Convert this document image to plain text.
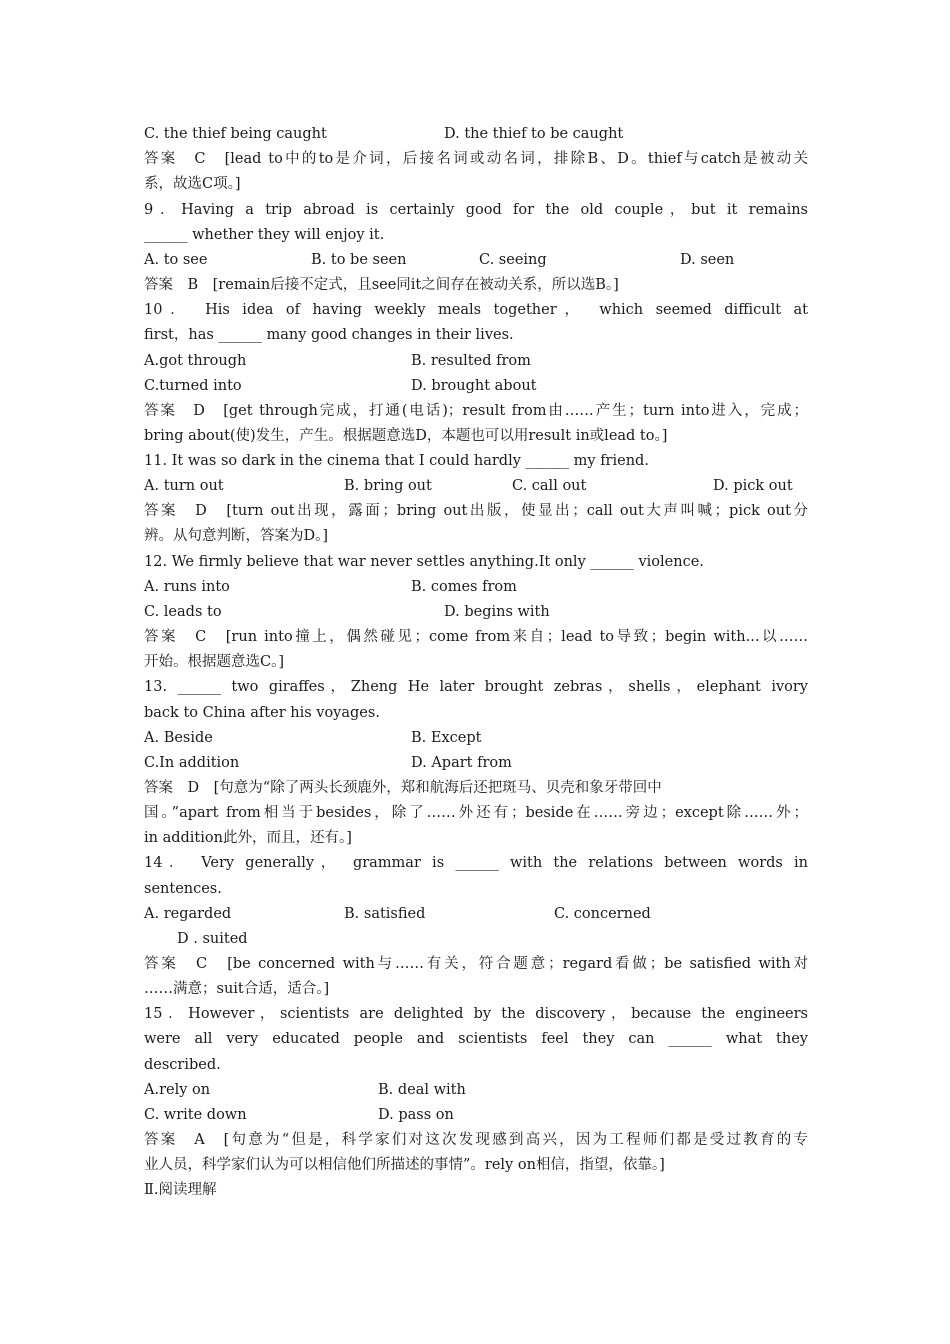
C. the thief being caught	D. the thief to be caught
答案　C　[lead to中的to是介词，后接名词或动名词，排除B、D。thief与catch是被动关
系，故选C项。]
9．Having a trip abroad is certainly good for the old couple，but it remains
______ whether they will enjoy it.
A. to see	B. to be seen	C. seeing	D. seen
答案　B　[remain后接不定式，且see同it之间存在被动关系，所以选B。]
10． His idea of having weekly meals together， which seemed difficult at
first，has ______ many good changes in their lives.
A.got through	B. resulted from
C.turned into	D. brought about
答案　D　[get through完成，打通(电话)；result from由……产生；turn into进入，完成；
bring about(使)发生，产生。根据题意选D，本题也可以用result in或lead to。]
11. It was so dark in the cinema that I could hardly ______ my friend.
A. turn out	B. bring out	C. call out	D. pick out
答案　D　[turn out出现，露面；bring out出版，使显出；call out大声叫喊；pick out分
辨。从句意判断，答案为D。]
12. We firmly believe that war never settles anything.It only ______ violence.
A. runs into	B. comes from
C. leads to	D. begins with
答案　C　[run into撞上，偶然碰见；come from来自；lead to导致；begin with...以……
开始。根据题意选C。]
13. ______ two giraffes，Zheng He later brought zebras，shells，elephant ivory
back to China after his voyages.
A. Beside	B. Except
C.In addition	D. Apart from
答案　D　[句意为“除了两头长颈鹿外，郑和航海后还把斑马、贝壳和象牙带回中
国。”apart from相当于besides，除了……外还有；beside在……旁边；except除……外；
in addition此外，而且，还有。]
14． Very generally， grammar is ______ with the relations between words in
sentences.
A. regarded	B. satisfied	C. concerned
D . suited
答案　C　[be concerned with与……有关，符合题意；regard看做；be satisfied with对
……满意；suit合适，适合。]
15．However，scientists are delighted by the discovery，because the engineers
were all very educated people and scientists feel they can ______ what they
described.
A.rely on	B. deal with
C. write down	D. pass on
答案　A　[句意为“但是，科学家们对这次发现感到高兴，因为工程师们都是受过教育的专
业人员，科学家们认为可以相信他们所描述的事情”。rely on相信，指望，依靠。]
Ⅱ.阅读理解
